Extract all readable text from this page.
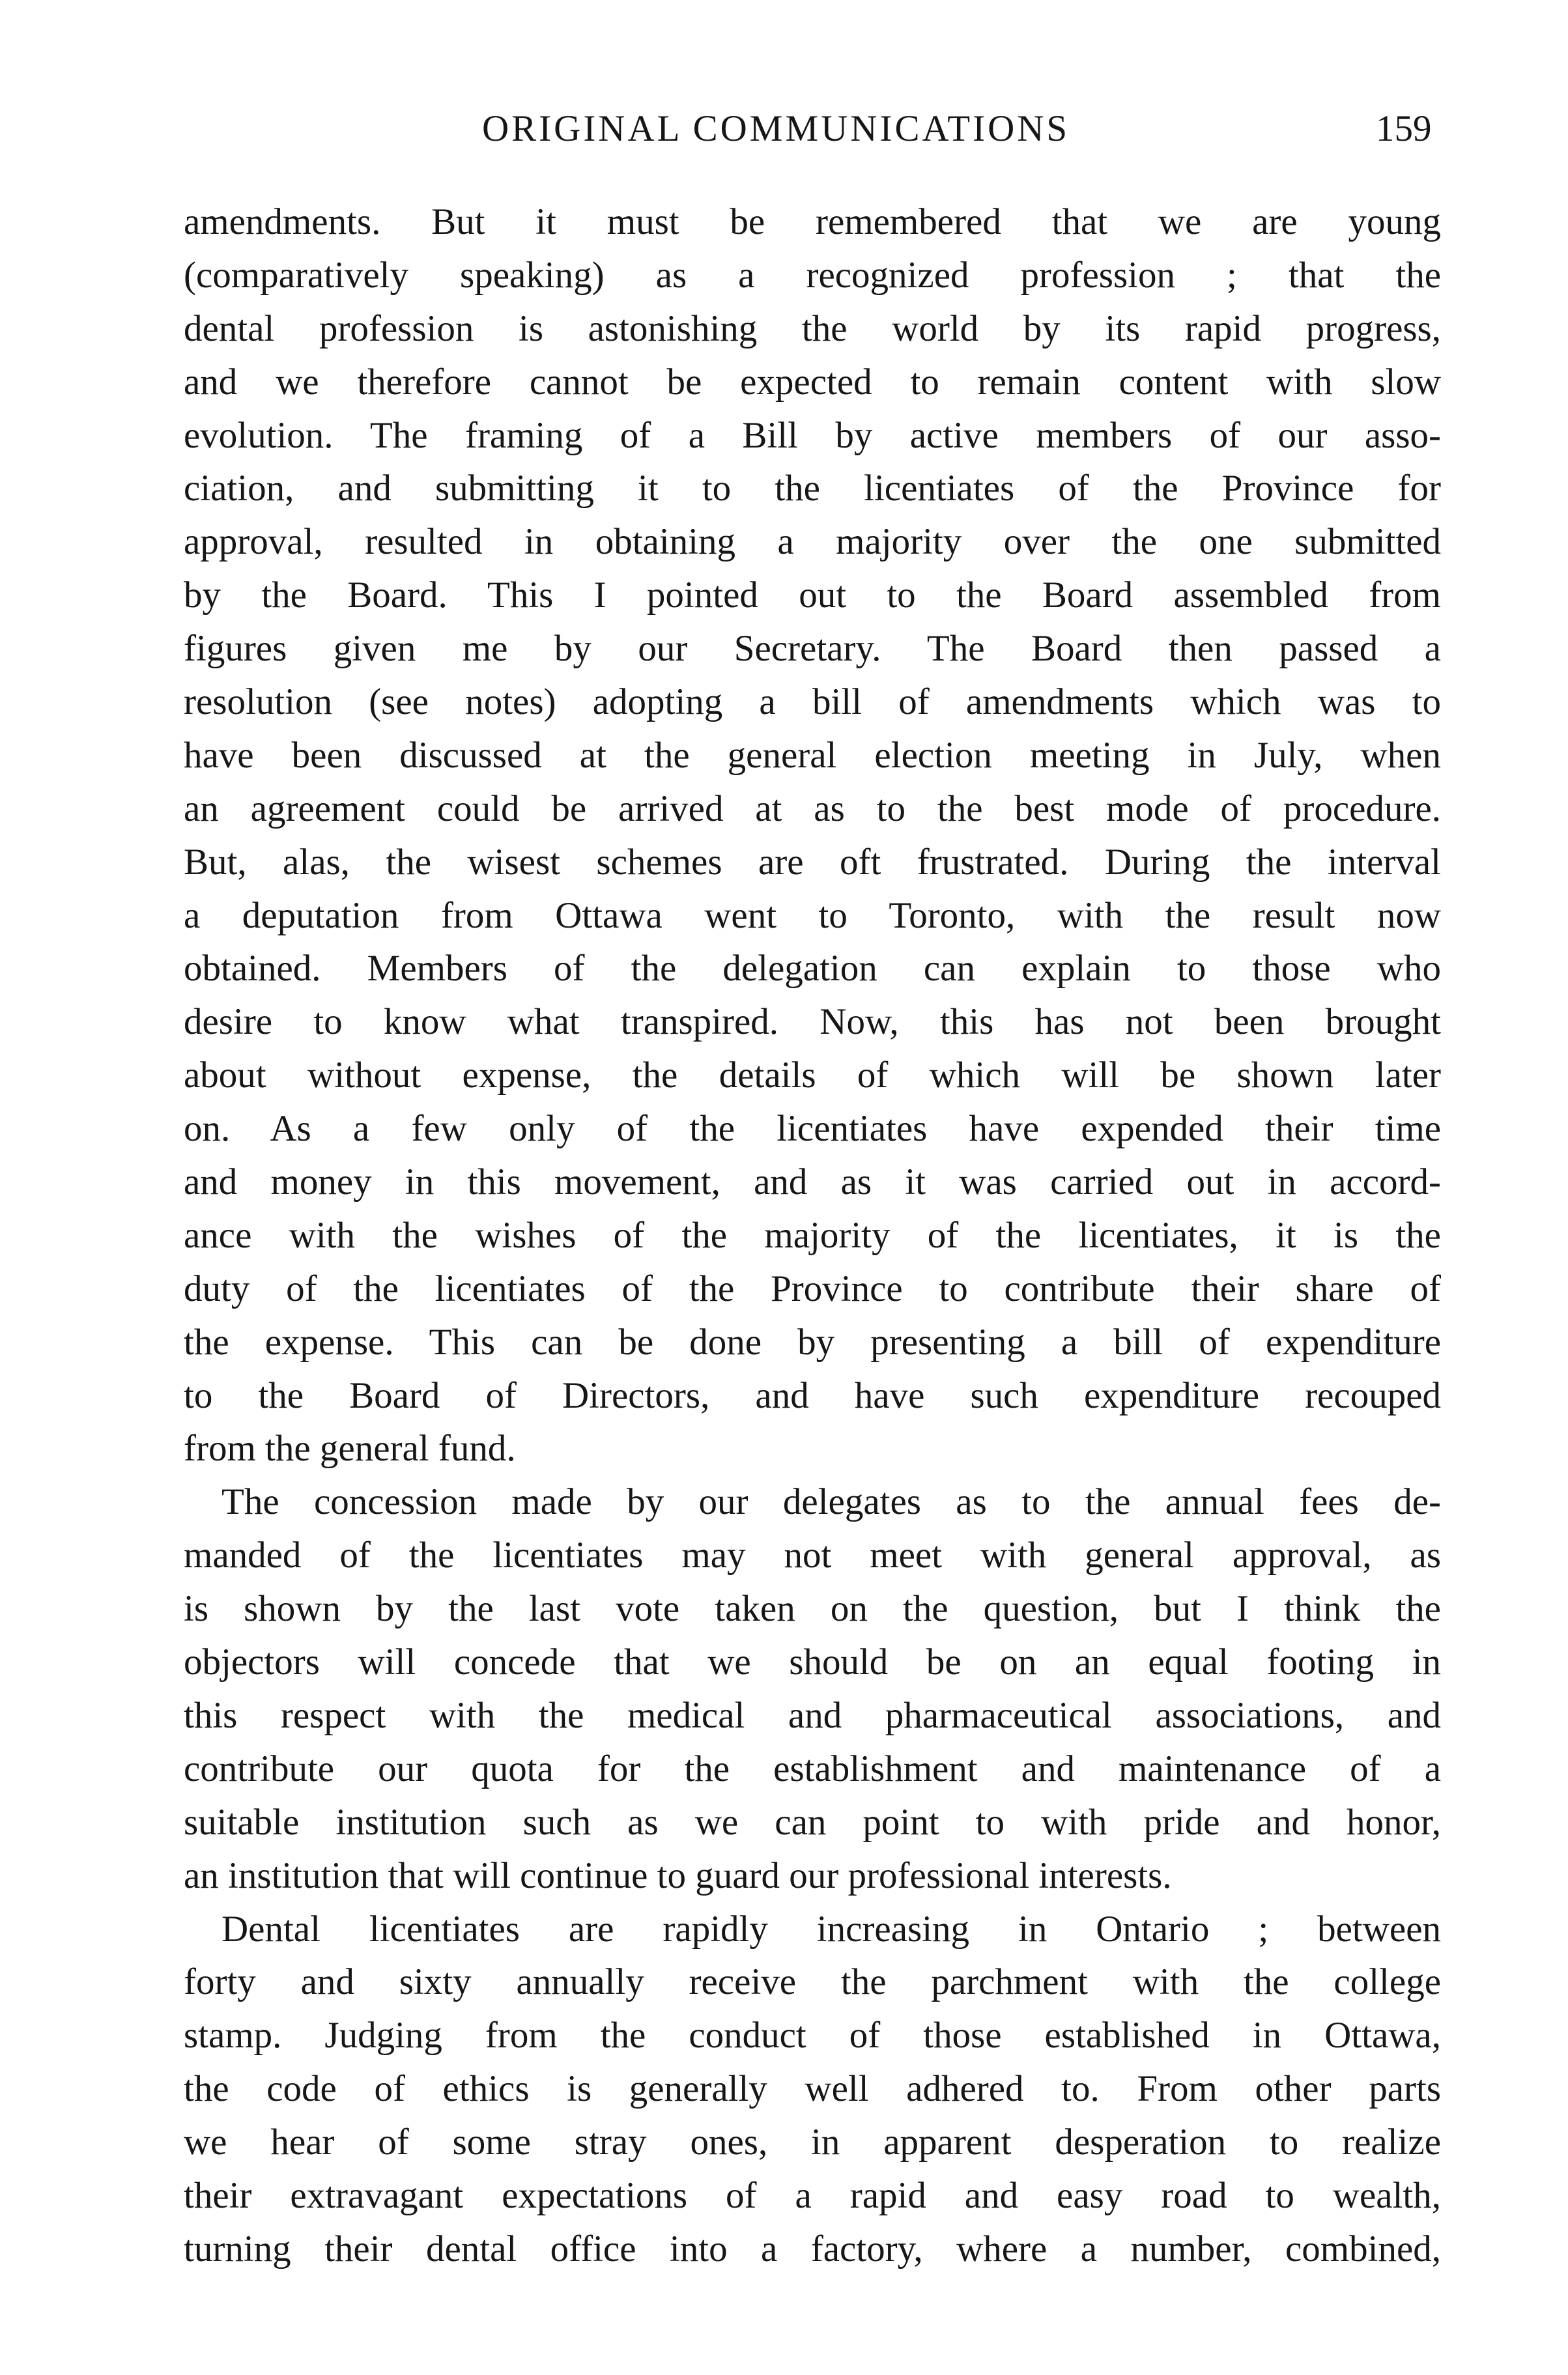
ORIGINAL COMMUNICATIONS	159
amendments. But it must be remembered that we are young
(comparatively speaking) as a recognized profession ; that the
dental profession is astonishing the world by its rapid progress,
and we therefore cannot be expected to remain content with slow
evolution. The framing of a Bill by active members of our asso-
ciation, and submitting it to the licentiates of the Province for
approval, resulted in obtaining a majority over the one submitted
by the Board. This I pointed out to the Board assembled from
figures given me by our Secretary. The Board then passed a
resolution (see notes) adopting a bill of amendments which was to
have been discussed at the general election meeting in July, when
an agreement could be arrived at as to the best mode of procedure.
But, alas, the wisest schemes are oft frustrated. During the interval
a deputation from Ottawa went to Toronto, with the result now
obtained. Members of the delegation can explain to those who
desire to know what transpired. Now, this has not been brought
about without expense, the details of which will be shown later
on. As a few only of the licentiates have expended their time
and money in this movement, and as it was carried out in accord-
ance with the wishes of the majority of the licentiates, it is the
duty of the licentiates of the Province to contribute their share of
the expense. This can be done by presenting a bill of expenditure
to the Board of Directors, and have such expenditure recouped
from the general fund.
The concession made by our delegates as to the annual fees de-
manded of the licentiates may not meet with general approval, as
is shown by the last vote taken on the question, but I think the
objectors will concede that we should be on an equal footing in
this respect with the medical and pharmaceutical associations, and
contribute our quota for the establishment and maintenance of a
suitable institution such as we can point to with pride and honor,
an institution that will continue to guard our professional interests.
Dental licentiates are rapidly increasing in Ontario ; between
forty and sixty annually receive the parchment with the college
stamp. Judging from the conduct of those established in Ottawa,
the code of ethics is generally well adhered to. From other parts
we hear of some stray ones, in apparent desperation to realize
their extravagant expectations of a rapid and easy road to wealth,
turning their dental office into a factory, where a number, combined,
